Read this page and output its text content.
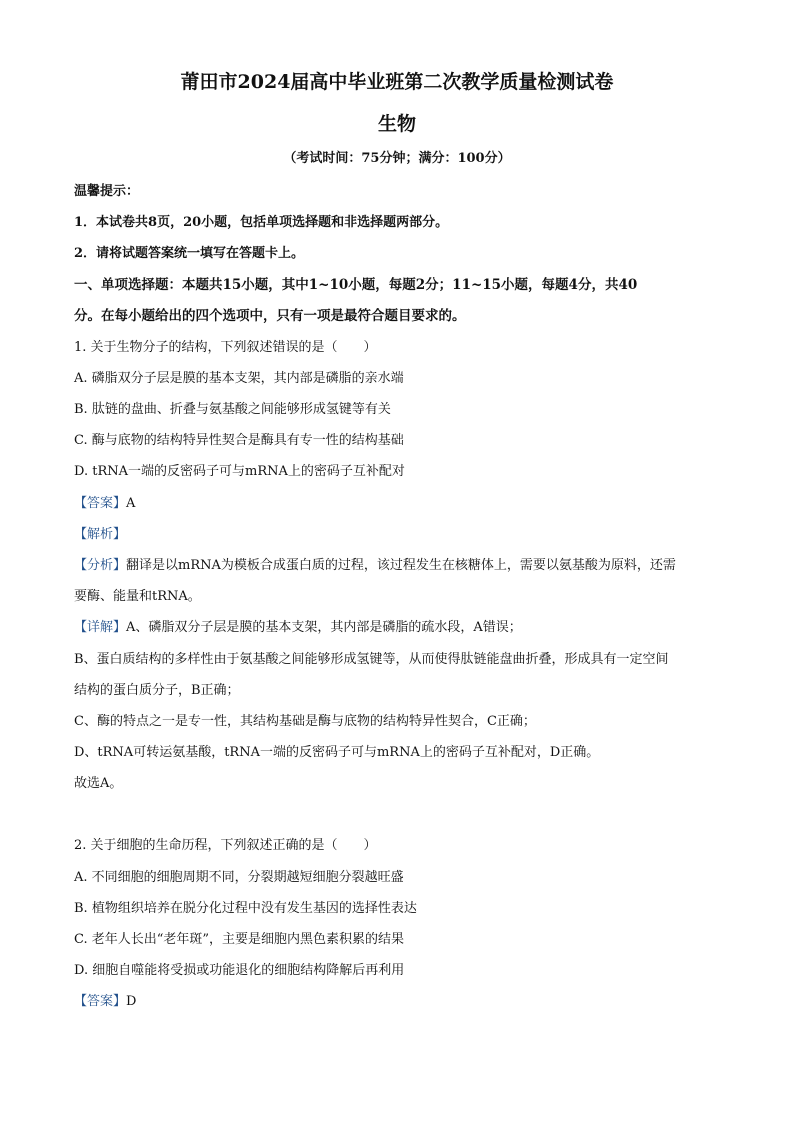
莆田市2024届高中毕业班第二次教学质量检测试卷
生物
（考试时间：75分钟；满分：100分）
温馨提示：
1．本试卷共8页，20小题，包括单项选择题和非选择题两部分。
2．请将试题答案统一填写在答题卡上。
一、单项选择题：本题共15小题，其中1~10小题，每题2分；11~15小题，每题4分，共40
分。在每小题给出的四个选项中，只有一项是最符合题目要求的。
1. 关于生物分子的结构，下列叙述错误的是（　　）
A. 磷脂双分子层是膜的基本支架，其内部是磷脂的亲水端
B. 肽链的盘曲、折叠与氨基酸之间能够形成氢键等有关
C. 酶与底物的结构特异性契合是酶具有专一性的结构基础
D. tRNA一端的反密码子可与mRNA上的密码子互补配对
【答案】A
【解析】
【分析】翻译是以mRNA为模板合成蛋白质的过程，该过程发生在核糖体上，需要以氨基酸为原料，还需
要酶、能量和tRNA。
【详解】A、磷脂双分子层是膜的基本支架，其内部是磷脂的疏水段，A错误；
B、蛋白质结构的多样性由于氨基酸之间能够形成氢键等，从而使得肽链能盘曲折叠，形成具有一定空间
结构的蛋白质分子，B正确；
C、酶的特点之一是专一性，其结构基础是酶与底物的结构特异性契合，C正确；
D、tRNA可转运氨基酸，tRNA一端的反密码子可与mRNA上的密码子互补配对，D正确。
故选A。
2. 关于细胞的生命历程，下列叙述正确的是（　　）
A. 不同细胞的细胞周期不同，分裂期越短细胞分裂越旺盛
B. 植物组织培养在脱分化过程中没有发生基因的选择性表达
C. 老年人长出“老年斑”，主要是细胞内黑色素积累的结果
D. 细胞自噬能将受损或功能退化的细胞结构降解后再利用
【答案】D
